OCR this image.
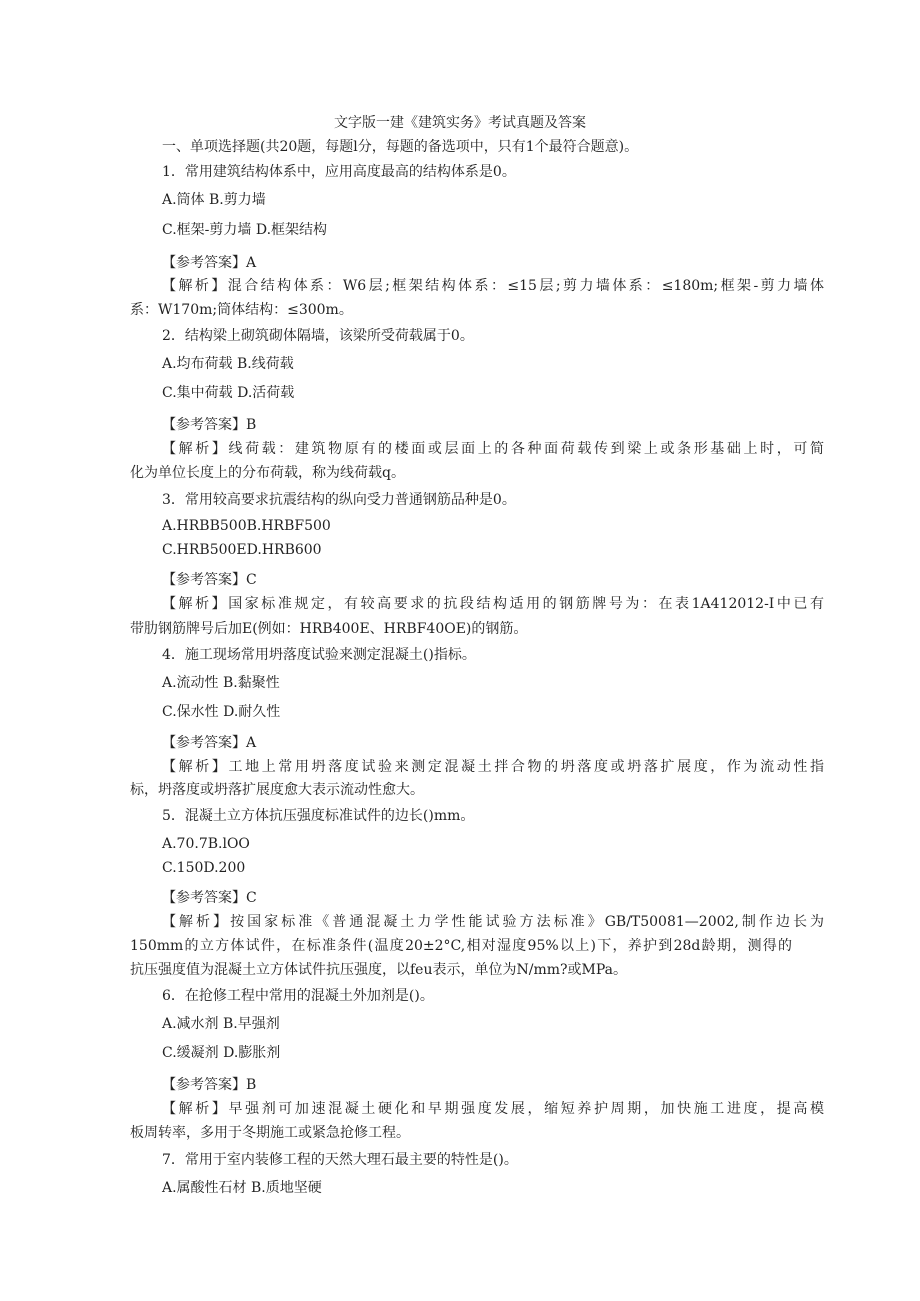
文字版一建《建筑实务》考试真题及答案
一、单项选择题(共20题，每题l分，每题的备选项中，只有1个最符合题意)。
1．常用建筑结构体系中，应用高度最高的结构体系是0。
A.筒体 B.剪力墙
C.框架-剪力墙 D.框架结构
【参考答案】A
【解析】混合结构体系：W6层;框架结构体系：≤15层;剪力墙体系：≤180m;框架-剪力墙体
系：W170m;筒体结构：≤300m。
2．结构梁上砌筑砌体隔墙，该梁所受荷载属于0。
A.均布荷载 B.线荷载
C.集中荷载 D.活荷载
【参考答案】B
【解析】线荷载：建筑物原有的楼面或层面上的各种面荷载传到梁上或条形基础上时，可简
化为单位长度上的分布荷载，称为线荷载q。
3．常用较高要求抗震结构的纵向受力普通钢筋品种是0。
A.HRBB500B.HRBF500
C.HRB500ED.HRB600
【参考答案】C
【解析】国家标准规定，有较高要求的抗段结构适用的钢筋牌号为：在表1A412012-I中已有
带肋钢筋牌号后加E(例如：HRB400E、HRBF40OE)的钢筋。
4．施工现场常用坍落度试验来测定混凝土()指标。
A.流动性 B.黏聚性
C.保水性 D.耐久性
【参考答案】A
【解析】工地上常用坍落度试验来测定混凝土拌合物的坍落度或坍落扩展度，作为流动性指
标，坍落度或坍落扩展度愈大表示流动性愈大。
5．混凝土立方体抗压强度标准试件的边长()mm。
A.70.7B.lOO
C.150D.200
【参考答案】C
【解析】按国家标准《普通混凝土力学性能试验方法标准》GB/T50081—2002,制作边长为
150mm的立方体试件，在标准条件(温度20±2°C,相对湿度95%以上)下，养护到28d龄期，测得的
抗压强度值为混凝土立方体试件抗压强度，以feu表示，单位为N/mm?或MPa。
6．在抢修工程中常用的混凝土外加剂是()。
A.减水剂 B.早强剂
C.缓凝剂 D.膨胀剂
【参考答案】B
【解析】早强剂可加速混凝土硬化和早期强度发展，缩短养护周期，加快施工进度，提高模
板周转率，多用于冬期施工或紧急抢修工程。
7．常用于室内装修工程的天然大理石最主要的特性是()。
A.属酸性石材 B.质地坚硬
